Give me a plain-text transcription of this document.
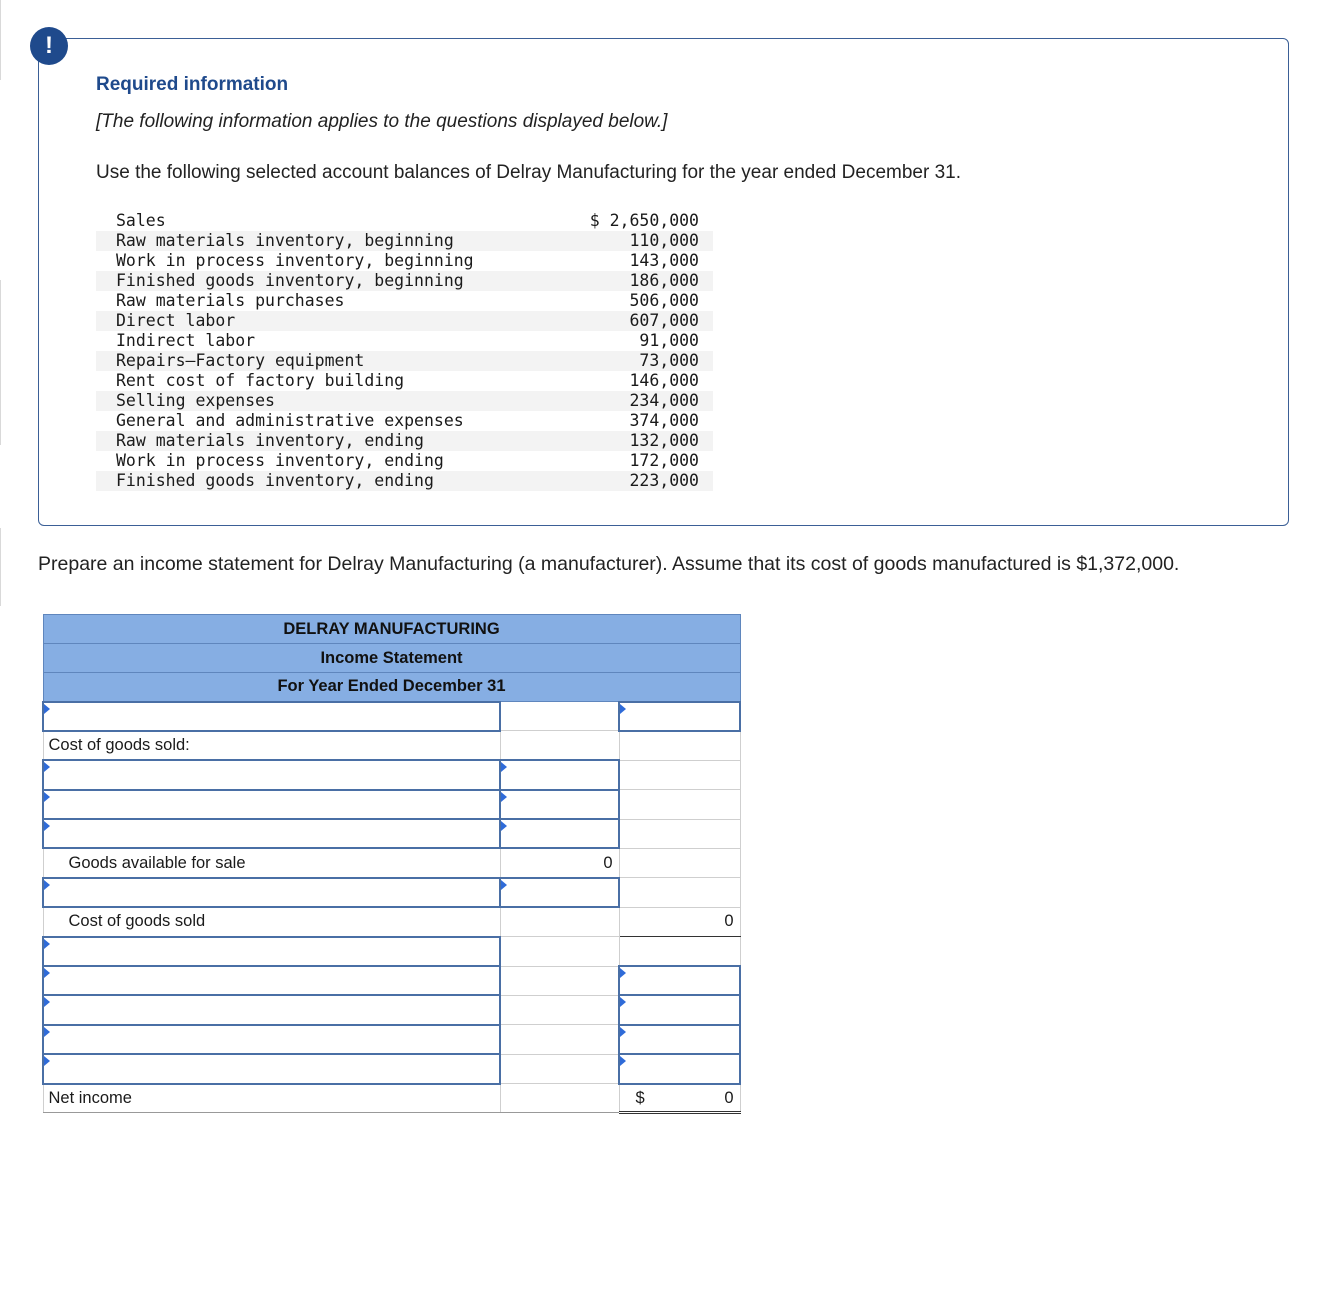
!

Required information

[The following information applies to the questions displayed below.]

Use the following selected account balances of Delray Manufacturing for the year ended December 31.

Sales	$ 2,650,000
Raw materials inventory, beginning	110,000
Work in process inventory, beginning	143,000
Finished goods inventory, beginning	186,000
Raw materials purchases	506,000
Direct labor	607,000
Indirect labor	91,000
Repairs—Factory equipment	73,000
Rent cost of factory building	146,000
Selling expenses	234,000
General and administrative expenses	374,000
Raw materials inventory, ending	132,000
Work in process inventory, ending	172,000
Finished goods inventory, ending	223,000

Prepare an income statement for Delray Manufacturing (a manufacturer). Assume that its cost of goods manufactured is $1,372,000.

DELRAY MANUFACTURING		
Income Statement		
For Year Ended December 31		

Cost of goods sold:		

Goods available for sale	0	

Cost of goods sold		0

Net income		$ 0
